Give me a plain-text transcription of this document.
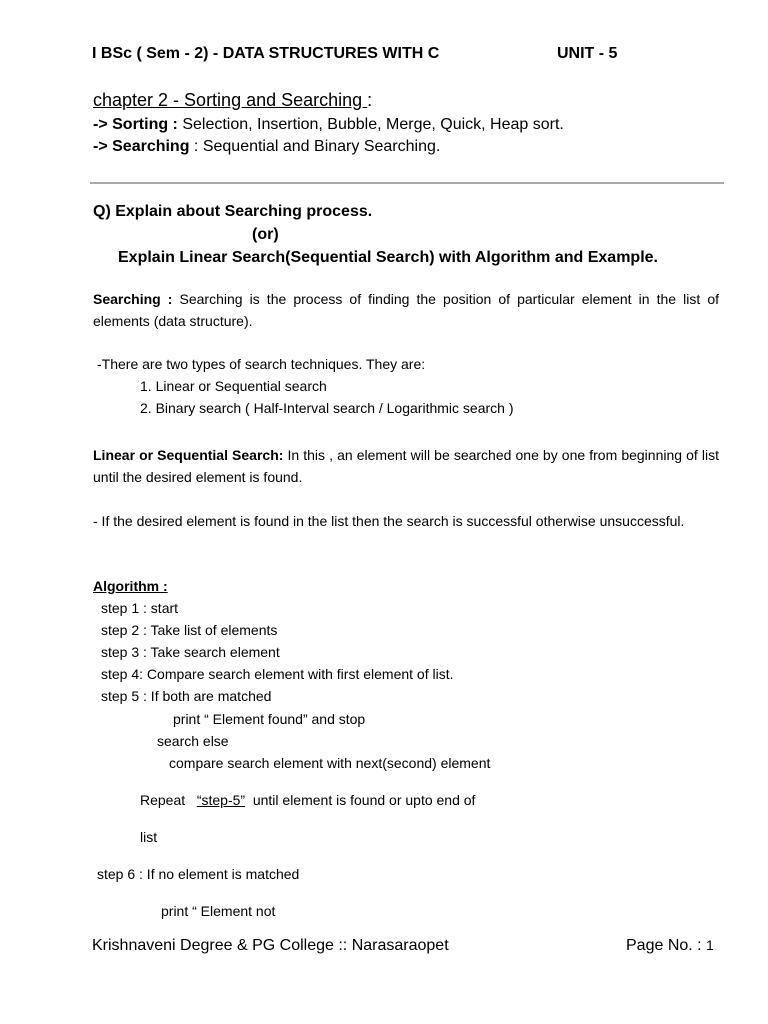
I BSc ( Sem - 2) - DATA STRUCTURES WITH C	UNIT - 5
chapter 2 - Sorting and Searching :
-> Sorting : Selection, Insertion, Bubble, Merge, Quick, Heap sort.
-> Searching : Sequential and Binary Searching.
Q) Explain about Searching process.
(or)
Explain Linear Search(Sequential Search) with Algorithm and Example.
Searching : Searching is the process of finding the position of particular element in the list of elements (data structure).
-There are two types of search techniques. They are:
1. Linear or Sequential search
2. Binary search ( Half-Interval search / Logarithmic search )
Linear or Sequential Search: In this , an element will be searched one by one from beginning of list until the desired element is found.
- If the desired element is found in the list then the search is successful otherwise unsuccessful.
Algorithm :
step 1 : start
step 2 : Take list of elements
step 3 : Take search element
step 4: Compare search element with first element of list.
step 5 : If both are matched
print “ Element found” and stop
search else
compare search element with next(second) element
Repeat   “step-5”  until element is found or upto end of
list
step 6 : If no element is matched
print “ Element not
Krishnaveni Degree & PG College :: Narasaraopet	Page No. : 1
